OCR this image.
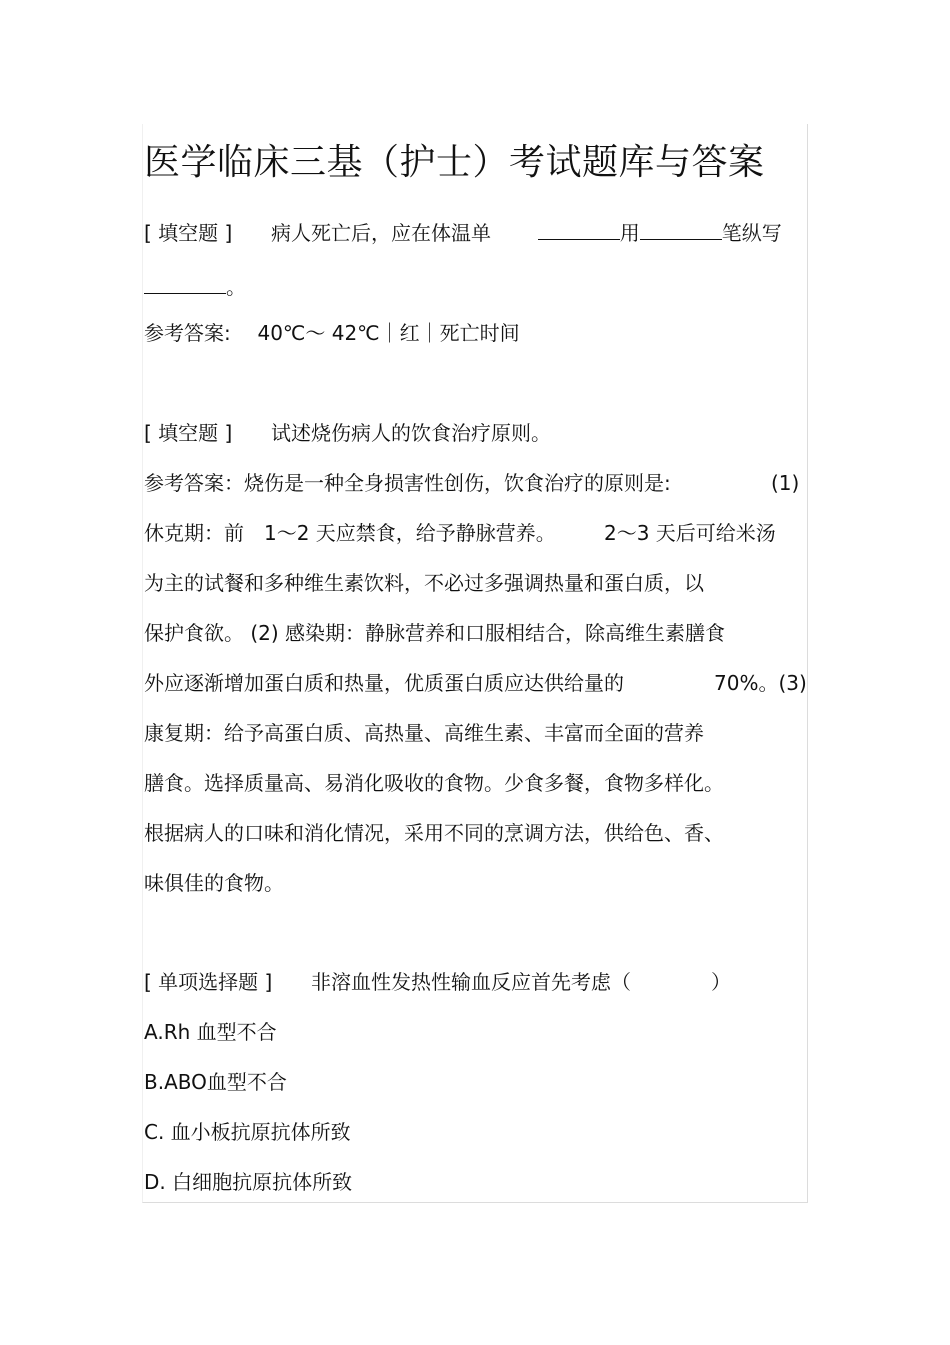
医学临床三基（护士）考试题库与答案
[ 填空题 ] 病人死亡后，应在体温单	用	笔纵写
。
参考答案: 40℃～ 42℃｜红｜死亡时间
[ 填空题 ] 试述烧伤病人的饮食治疗原则。
参考答案：烧伤是一种全身损害性创伤，饮食治疗的原则是:	(1)
休克期：前　1～2 天应禁食，给予静脉营养。 2～3 天后可给米汤
为主的试餐和多种维生素饮料，不必过多强调热量和蛋白质，以
保护食欲。 (2) 感染期：静脉营养和口服相结合，除高维生素膳食
外应逐渐增加蛋白质和热量，优质蛋白质应达供给量的	70%。(3)
康复期：给予高蛋白质、高热量、高维生素、丰富而全面的营养
膳食。选择质量高、易消化吸收的食物。少食多餐，食物多样化。
根据病人的口味和消化情况，采用不同的烹调方法，供给色、香、
味俱佳的食物。
[ 单项选择题 ] 非溶血性发热性输血反应首先考虑（　　　　）
A.Rh 血型不合
B.ABO血型不合
C. 血小板抗原抗体所致
D. 白细胞抗原抗体所致
